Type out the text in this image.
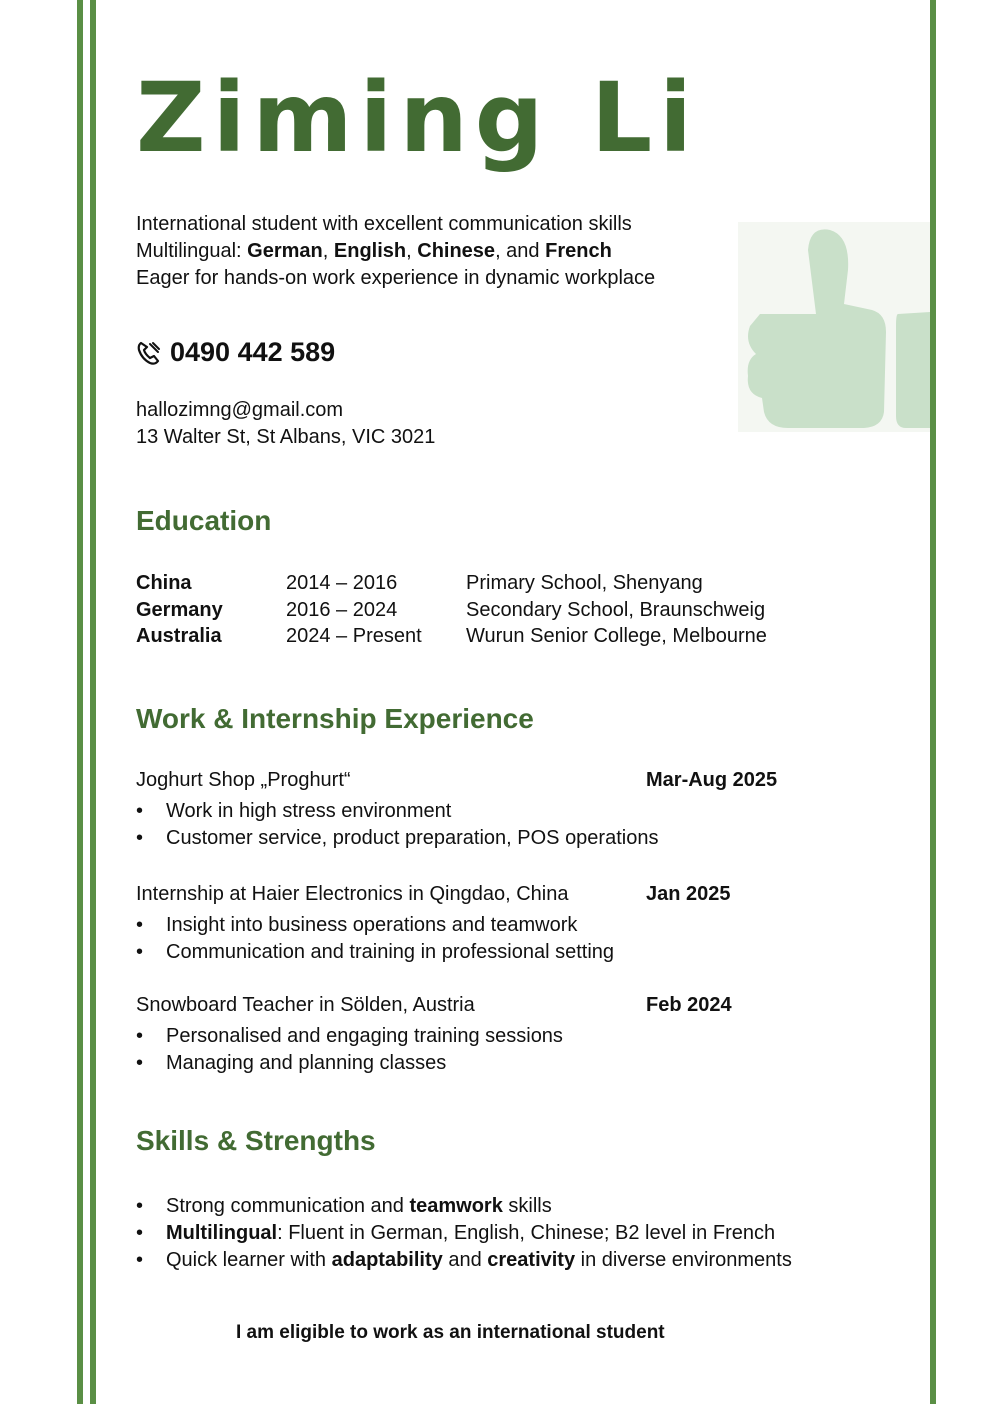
Ziming Li
International student with excellent communication skills
Multilingual: German, English, Chinese, and French
Eager for hands-on work experience in dynamic workplace
0490 442 589
hallozimng@gmail.com
13 Walter St, St Albans, VIC 3021
Education
China	2014 – 2016	Primary School, Shenyang
Germany	2016 – 2024	Secondary School, Braunschweig
Australia	2024 – Present	Wurun Senior College, Melbourne
Work & Internship Experience
Joghurt Shop „Proghurt“	Mar-Aug 2025
• Work in high stress environment
• Customer service, product preparation, POS operations
Internship at Haier Electronics in Qingdao, China	Jan 2025
• Insight into business operations and teamwork
• Communication and training in professional setting
Snowboard Teacher in Sölden, Austria	Feb 2024
• Personalised and engaging training sessions
• Managing and planning classes
Skills & Strengths
• Strong communication and teamwork skills
• Multilingual: Fluent in German, English, Chinese; B2 level in French
• Quick learner with adaptability and creativity in diverse environments
I am eligible to work as an international student
